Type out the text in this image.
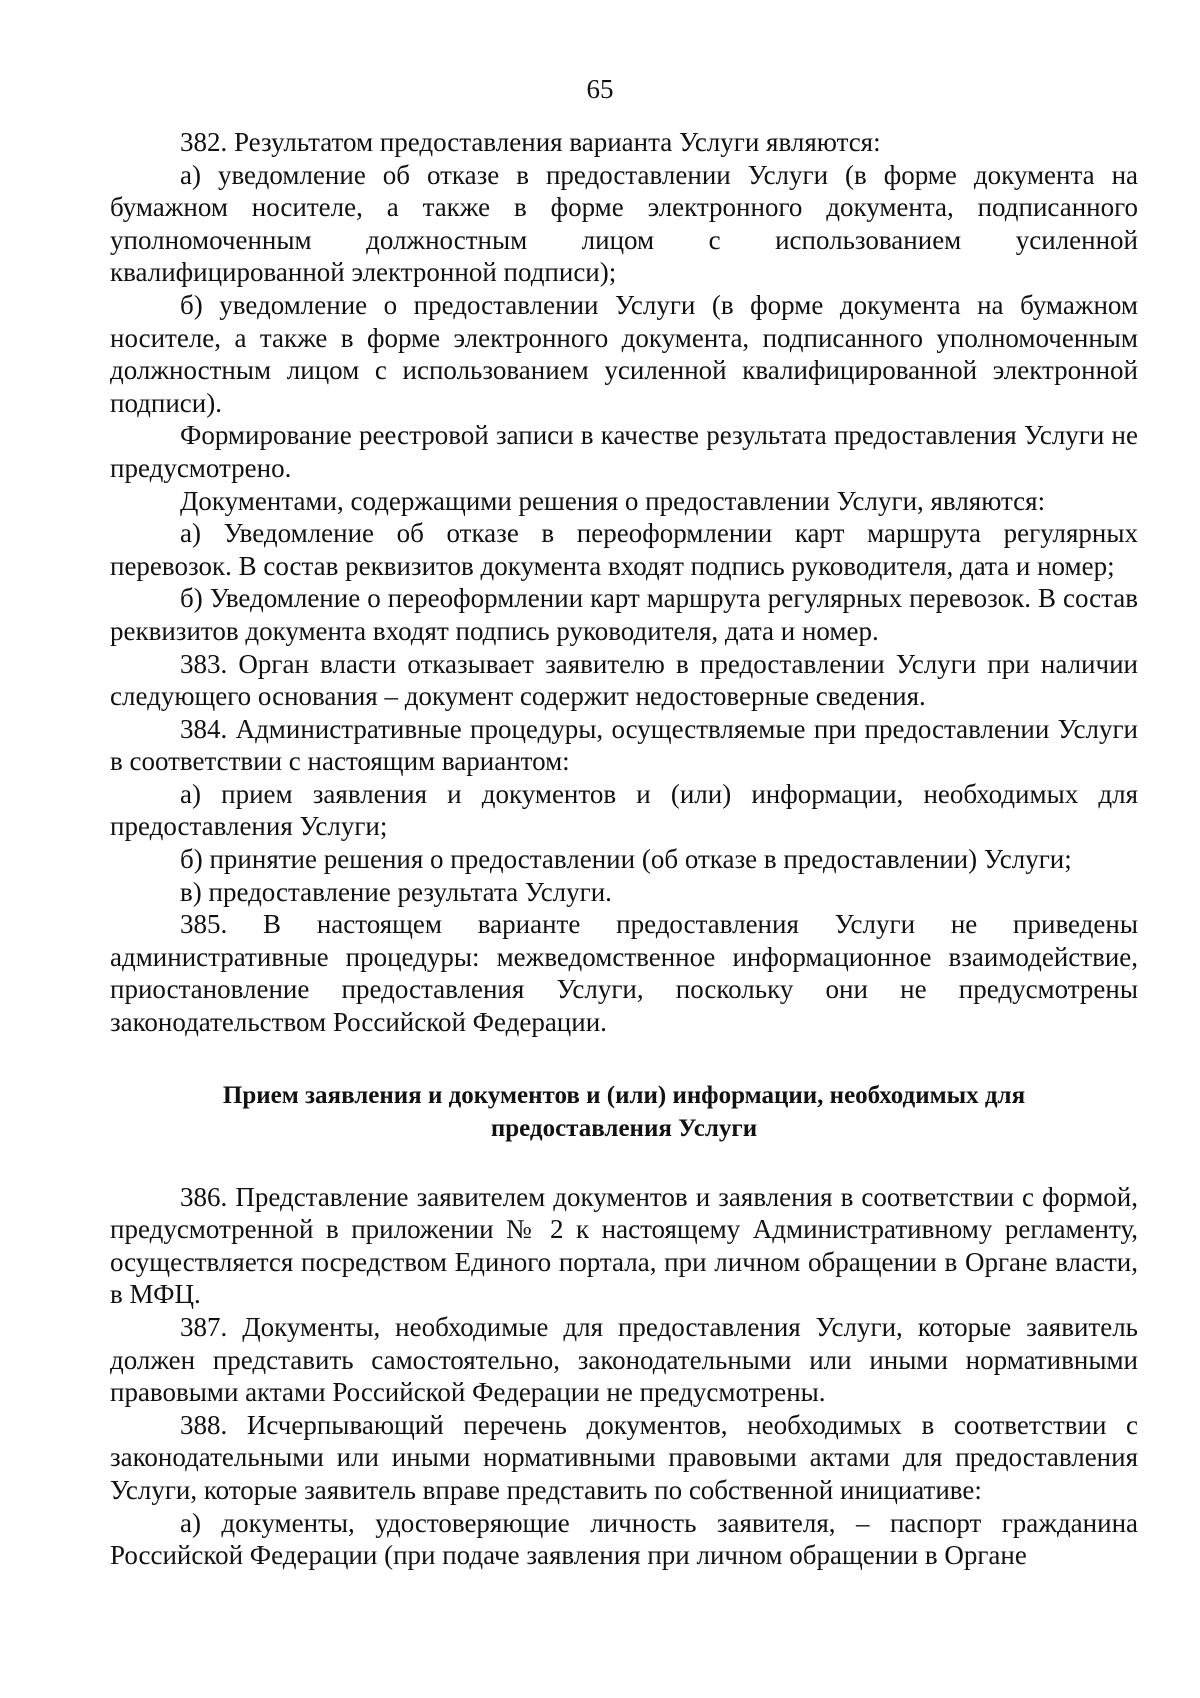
65

382. Результатом предоставления варианта Услуги являются:

а) уведомление об отказе в предоставлении Услуги (в форме документа на бумажном носителе, а также в форме электронного документа, подписанного уполномоченным должностным лицом с использованием усиленной квалифицированной электронной подписи);

б) уведомление о предоставлении Услуги (в форме документа на бумажном носителе, а также в форме электронного документа, подписанного уполномоченным должностным лицом с использованием усиленной квалифицированной электронной подписи).

Формирование реестровой записи в качестве результата предоставления Услуги не предусмотрено.

Документами, содержащими решения о предоставлении Услуги, являются:

а) Уведомление об отказе в переоформлении карт маршрута регулярных перевозок. В состав реквизитов документа входят подпись руководителя, дата и номер;

б) Уведомление о переоформлении карт маршрута регулярных перевозок. В состав реквизитов документа входят подпись руководителя, дата и номер.

383. Орган власти отказывает заявителю в предоставлении Услуги при наличии следующего основания – документ содержит недостоверные сведения.

384. Административные процедуры, осуществляемые при предоставлении Услуги в соответствии с настоящим вариантом:

а) прием заявления и документов и (или) информации, необходимых для предоставления Услуги;

б) принятие решения о предоставлении (об отказе в предоставлении) Услуги;

в) предоставление результата Услуги.

385. В настоящем варианте предоставления Услуги не приведены административные процедуры: межведомственное информационное взаимодействие, приостановление предоставления Услуги, поскольку они не предусмотрены законодательством Российской Федерации.

Прием заявления и документов и (или) информации, необходимых для предоставления Услуги

386. Представление заявителем документов и заявления в соответствии с формой, предусмотренной в приложении № 2 к настоящему Административному регламенту, осуществляется посредством Единого портала, при личном обращении в Органе власти, в МФЦ.

387. Документы, необходимые для предоставления Услуги, которые заявитель должен представить самостоятельно, законодательными или иными нормативными правовыми актами Российской Федерации не предусмотрены.

388. Исчерпывающий перечень документов, необходимых в соответствии с законодательными или иными нормативными правовыми актами для предоставления Услуги, которые заявитель вправе представить по собственной инициативе:

а) документы, удостоверяющие личность заявителя, – паспорт гражданина Российской Федерации (при подаче заявления при личном обращении в Органе
